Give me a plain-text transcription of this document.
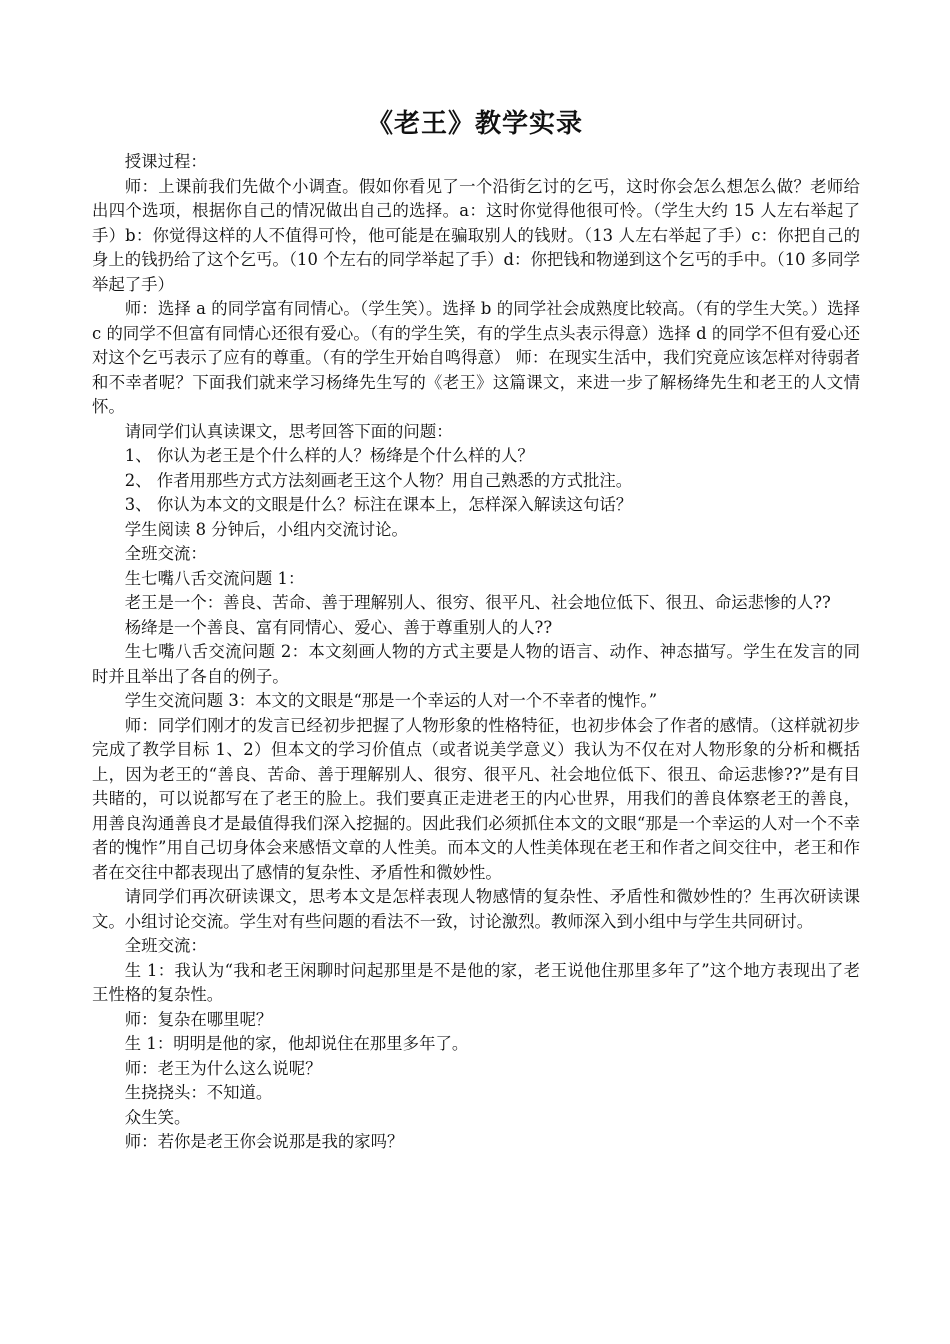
《老王》教学实录

授课过程：

师：上课前我们先做个小调查。假如你看见了一个沿街乞讨的乞丐，这时你会怎么想怎么做？老师给出四个选项，根据你自己的情况做出自己的选择。a：这时你觉得他很可怜。（学生大约 15 人左右举起了手）b：你觉得这样的人不值得可怜，他可能是在骗取别人的钱财。（13 人左右举起了手）c：你把自己的身上的钱扔给了这个乞丐。（10 个左右的同学举起了手）d：你把钱和物递到这个乞丐的手中。（10 多同学举起了手）

师：选择 a 的同学富有同情心。（学生笑）。选择 b 的同学社会成熟度比较高。（有的学生大笑。）选择 c 的同学不但富有同情心还很有爱心。（有的学生笑，有的学生点头表示得意）选择 d 的同学不但有爱心还对这个乞丐表示了应有的尊重。（有的学生开始自鸣得意） 师：在现实生活中，我们究竟应该怎样对待弱者和不幸者呢？下面我们就来学习杨绛先生写的《老王》这篇课文，来进一步了解杨绛先生和老王的人文情怀。

请同学们认真读课文，思考回答下面的问题：

1、 你认为老王是个什么样的人？杨绛是个什么样的人？

2、 作者用那些方式方法刻画老王这个人物？用自己熟悉的方式批注。

3、 你认为本文的文眼是什么？标注在课本上，怎样深入解读这句话？

学生阅读 8 分钟后，小组内交流讨论。

全班交流：

生七嘴八舌交流问题 1：

老王是一个：善良、苦命、善于理解别人、很穷、很平凡、社会地位低下、很丑、命运悲惨的人??

杨绛是一个善良、富有同情心、爱心、善于尊重别人的人??

生七嘴八舌交流问题 2：本文刻画人物的方式主要是人物的语言、动作、神态描写。学生在发言的同时并且举出了各自的例子。

学生交流问题 3：本文的文眼是“那是一个幸运的人对一个不幸者的愧怍。”

师：同学们刚才的发言已经初步把握了人物形象的性格特征，也初步体会了作者的感情。（这样就初步完成了教学目标 1、2）但本文的学习价值点（或者说美学意义）我认为不仅在对人物形象的分析和概括上，因为老王的“善良、苦命、善于理解别人、很穷、很平凡、社会地位低下、很丑、命运悲惨??”是有目共睹的，可以说都写在了老王的脸上。我们要真正走进老王的内心世界，用我们的善良体察老王的善良，用善良沟通善良才是最值得我们深入挖掘的。因此我们必须抓住本文的文眼“那是一个幸运的人对一个不幸者的愧怍”用自己切身体会来感悟文章的人性美。而本文的人性美体现在老王和作者之间交往中，老王和作者在交往中都表现出了感情的复杂性、矛盾性和微妙性。

请同学们再次研读课文，思考本文是怎样表现人物感情的复杂性、矛盾性和微妙性的？生再次研读课文。小组讨论交流。学生对有些问题的看法不一致，讨论激烈。教师深入到小组中与学生共同研讨。

全班交流：

生 1：我认为“我和老王闲聊时问起那里是不是他的家，老王说他住那里多年了”这个地方表现出了老王性格的复杂性。

师：复杂在哪里呢？

生 1：明明是他的家，他却说住在那里多年了。

师：老王为什么这么说呢？

生挠挠头：不知道。

众生笑。

师：若你是老王你会说那是我的家吗？
